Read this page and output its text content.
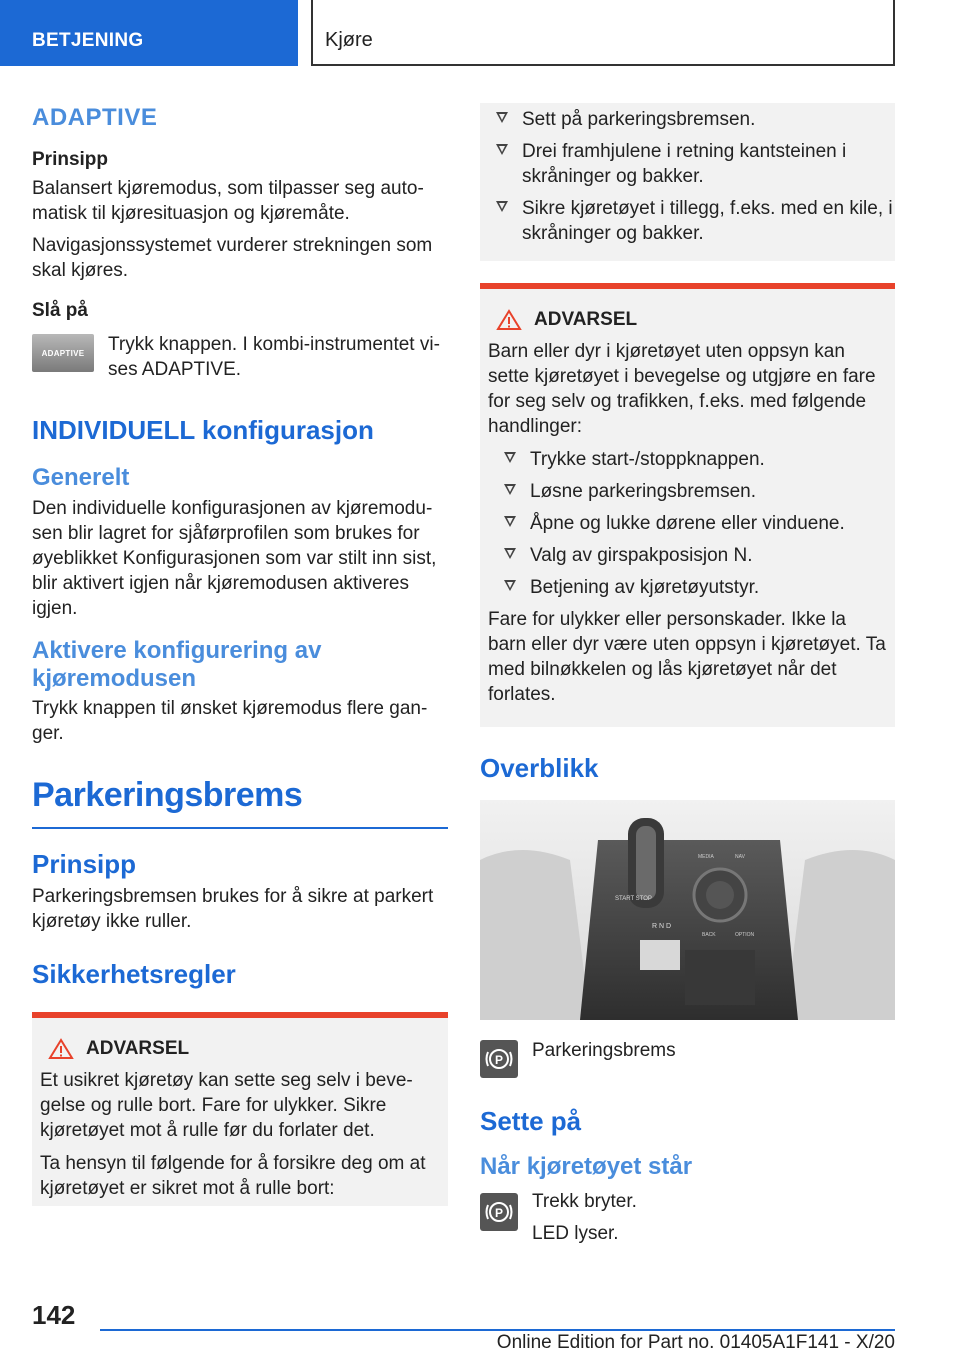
BETJENING	Kjøre
ADAPTIVE
Prinsipp

Balansert kjøremodus, som tilpasser seg automatisk til kjøresituasjon og kjøremåte.

Navigasjonssystemet vurderer strekningen som skal kjøres.

Slå på
ADAPTIVE Trykk knappen. I kombi-instrumentet vises ADAPTIVE.

INDIVIDUELL konfigurasjon
Generelt

Den individuelle konfigurasjonen av kjøremodusen blir lagret for sjåførprofilen som brukes for øyeblikket Konfigurasjonen som var stilt inn sist, blir aktivert igjen når kjøremodusen aktiveres igjen.

Aktivere konfigurering av kjøremodusen

Trykk knappen til ønsket kjøremodus flere ganger.

Parkeringsbrems
Prinsipp

Parkeringsbremsen brukes for å sikre at parkert kjøretøy ikke ruller.

Sikkerhetsregler
ADVARSEL

Et usikret kjøretøy kan sette seg selv i bevegelse og rulle bort. Fare for ulykker. Sikre kjøretøyet mot å rulle før du forlater det.

Ta hensyn til følgende for å forsikre deg om at kjøretøyet er sikret mot å rulle bort:

Sett på parkeringsbremsen.
Drei framhjulene i retning kantsteinen i skråninger og bakker.
Sikre kjøretøyet i tillegg, f.eks. med en kile, i skråninger og bakker.
ADVARSEL

Barn eller dyr i kjøretøyet uten oppsyn kan sette kjøretøyet i bevegelse og utgjøre en fare for seg selv og trafikken, f.eks. med følgende handlinger:

Trykke start-/stoppknappen.
Løsne parkeringsbremsen.
Åpne og lukke dørene eller vinduene.
Valg av girspakposisjon N.
Betjening av kjøretøyutstyr.

Fare for ulykker eller personskader. Ikke la barn eller dyr være uten oppsyn i kjøretøyet. Ta med bilnøkkelen og lås kjøretøyet når det forlates.

Overblikk
START STOP
R N D
MEDIA	NAV
BACK	OPTION
P Parkeringsbrems

Sette på
Når kjøretøyet står
P

Trekk bryter.

LED lyser.

142
Online Edition for Part no. 01405A1F141 - X/20
